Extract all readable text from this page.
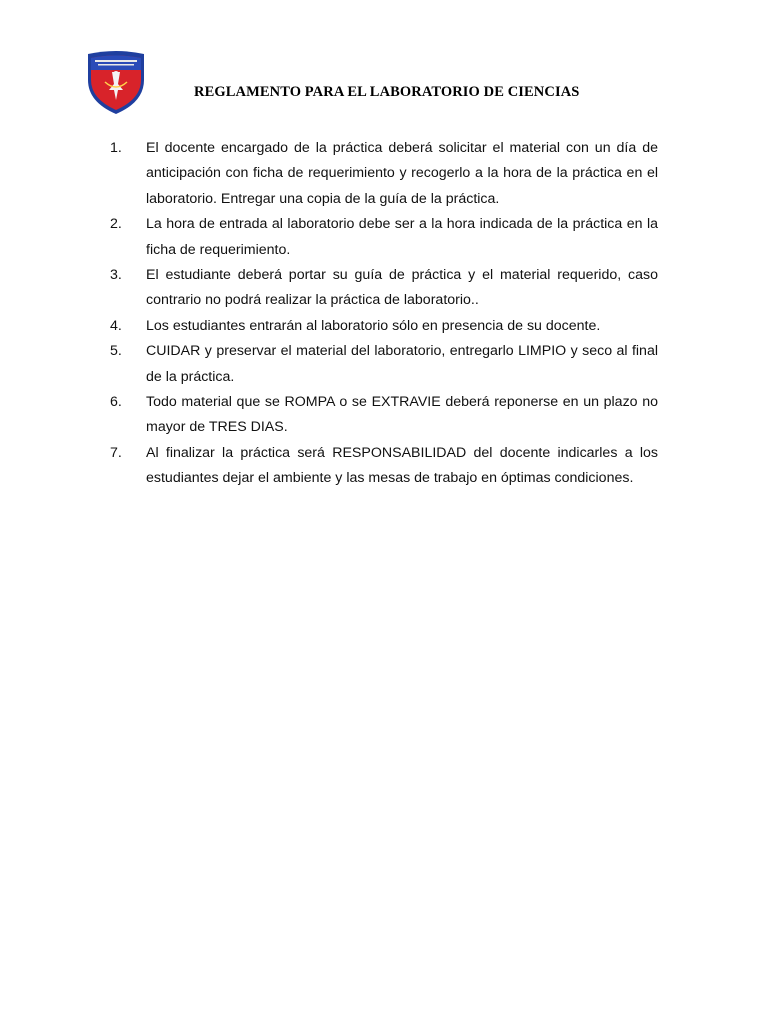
REGLAMENTO PARA EL LABORATORIO DE CIENCIAS
1. El docente encargado de la práctica deberá solicitar el material con un día de anticipación con ficha de requerimiento y recogerlo a la hora de la práctica en el laboratorio. Entregar una copia de la guía de la práctica.
2. La hora de entrada al laboratorio debe ser a la hora indicada de la práctica en la ficha de requerimiento.
3. El estudiante deberá portar su guía de práctica y el material requerido, caso contrario no podrá realizar la práctica de laboratorio..
4. Los estudiantes entrarán al laboratorio sólo en presencia de su docente.
5. CUIDAR y preservar el material del laboratorio, entregarlo LIMPIO y seco al final de la práctica.
6. Todo material que se ROMPA o se EXTRAVIE deberá reponerse en un plazo no mayor de TRES DIAS.
7. Al finalizar la práctica será RESPONSABILIDAD del docente indicarles a los estudiantes dejar el ambiente y las mesas de trabajo en óptimas condiciones.
